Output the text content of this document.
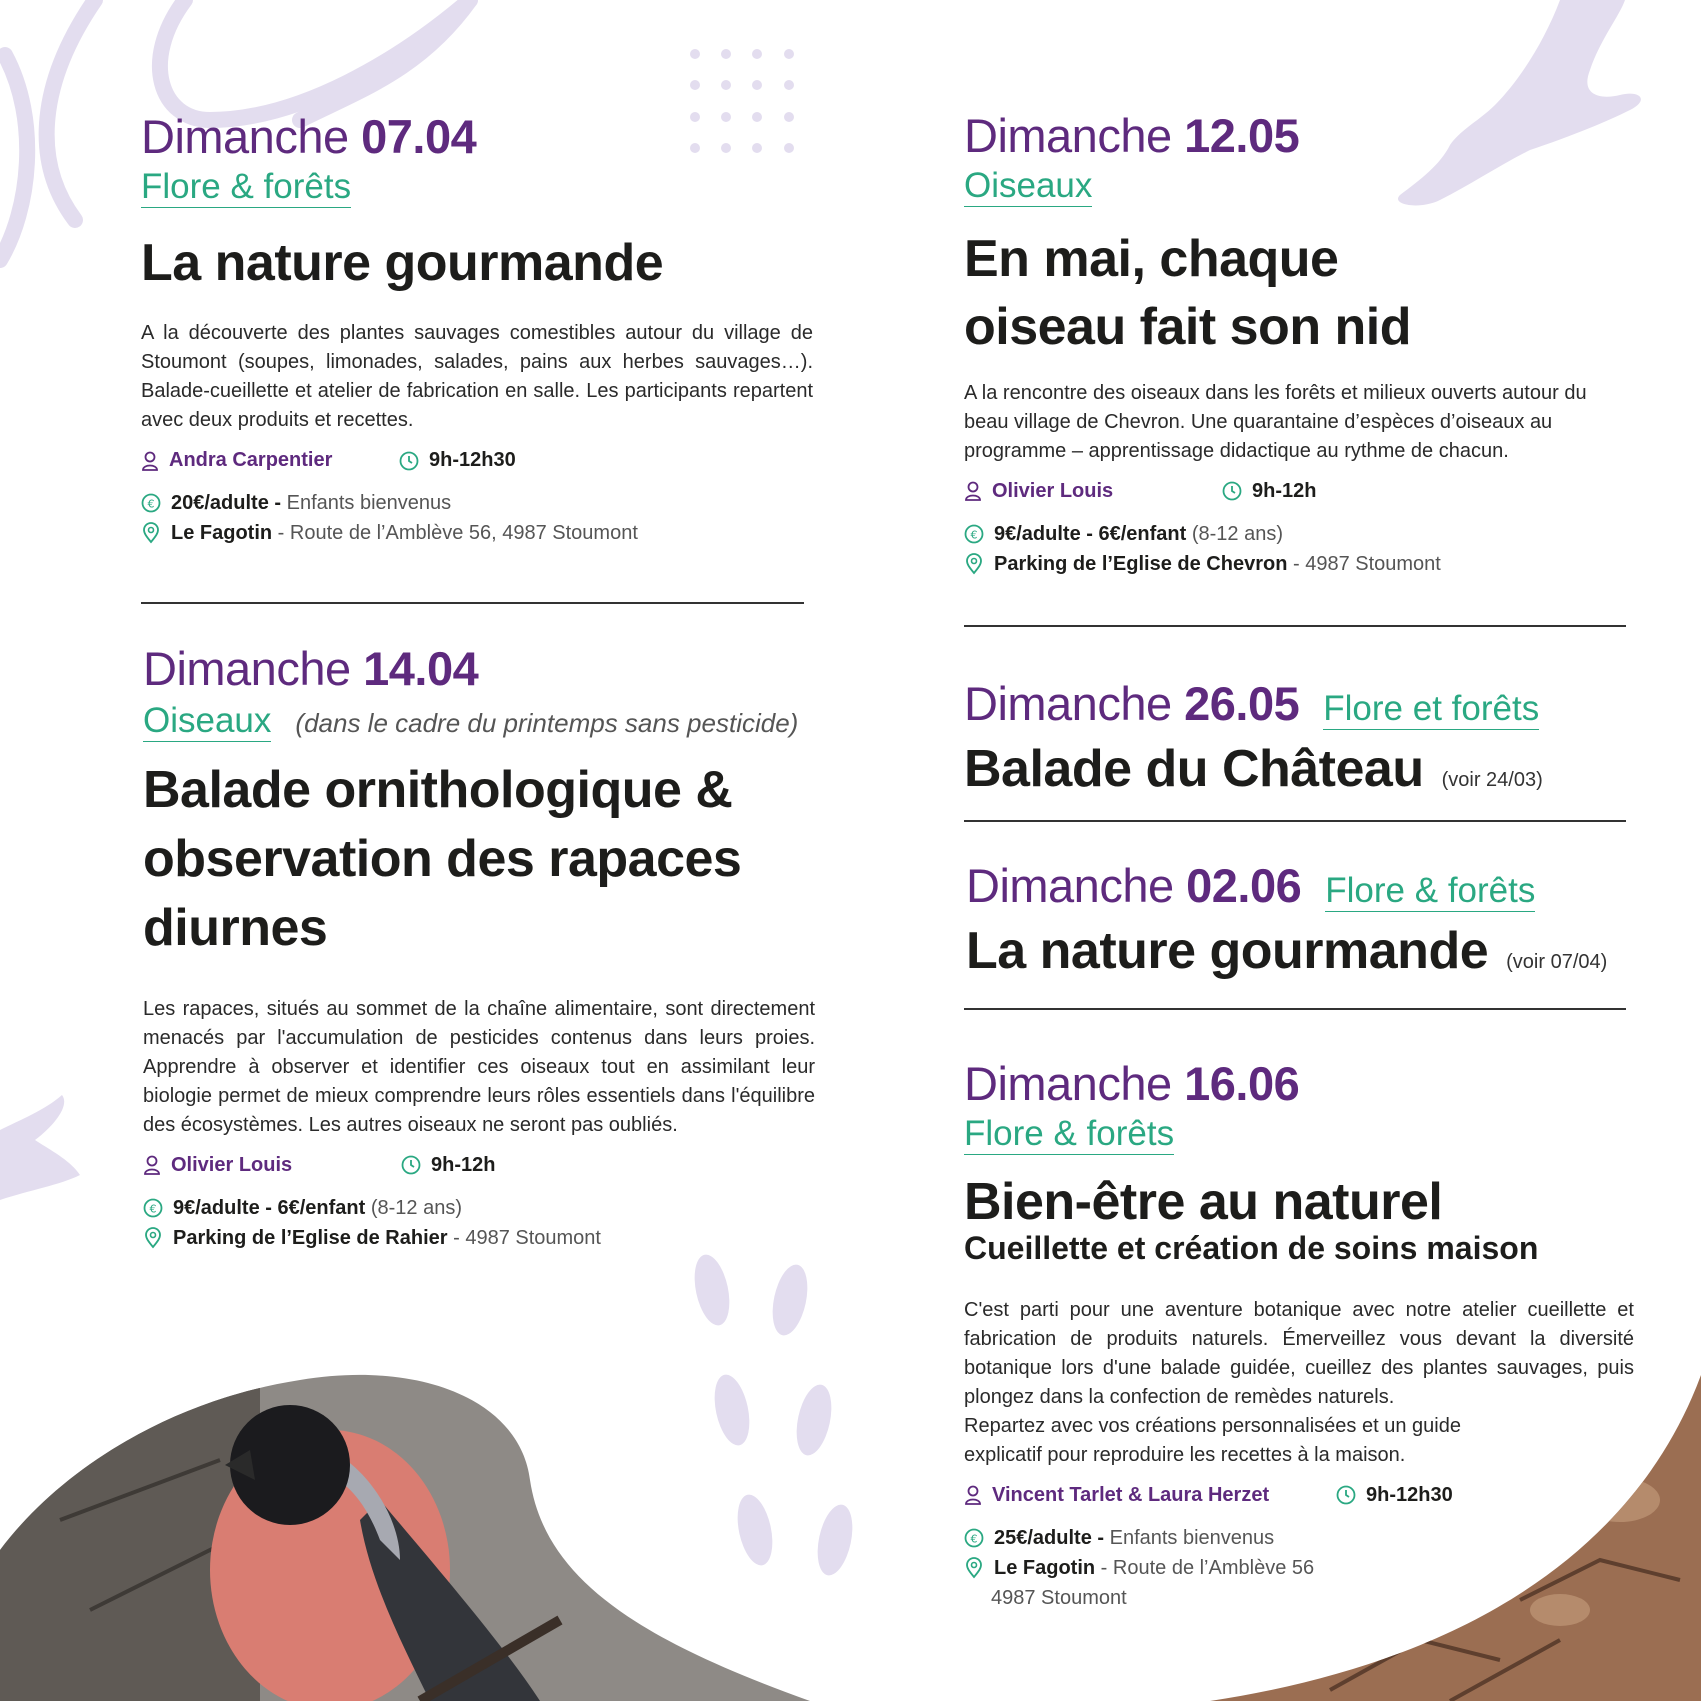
Dimanche 07.04
Flore & forêts
La nature gourmande
A la découverte des plantes sauvages comestibles autour du village de Stoumont (soupes, limonades, salades, pains aux herbes sauvages…). Balade-cueillette et atelier de fabrication en salle. Les participants repartent avec deux produits et recettes.
Andra Carpentier	9h-12h30
€ 20€/adulte -
Enfants bienvenus
Le Fagotin
- Route de l’Amblève 56, 4987 Stoumont
Dimanche 14.04
Oiseaux (dans le cadre du printemps sans pesticide)
Balade ornithologique & observation des rapaces diurnes
Les rapaces, situés au sommet de la chaîne alimentaire, sont directement menacés par l'accumulation de pesticides contenus dans leurs proies. Apprendre à observer et identifier ces oiseaux tout en assimilant leur biologie permet de mieux comprendre leurs rôles essentiels dans l'équilibre des écosystèmes. Les autres oiseaux ne seront pas oubliés.
Olivier Louis	9h-12h
€ 9€/adulte - 6€/enfant
(8-12 ans)
Parking de l’Eglise de Rahier
- 4987 Stoumont
Dimanche 12.05
Oiseaux
En mai, chaque
oiseau fait son nid
A la rencontre des oiseaux dans les forêts et milieux ouverts autour du beau village de Chevron. Une quarantaine d’espèces d’oiseaux au programme – apprentissage didactique au rythme de chacun.
Olivier Louis	9h-12h
€ 9€/adulte - 6€/enfant
(8-12 ans)
Parking de l’Eglise de Chevron
- 4987 Stoumont
Dimanche 26.05 Flore et forêts
Balade du Château (voir 24/03)
Dimanche 02.06 Flore & forêts
La nature gourmande (voir 07/04)
Dimanche 16.06
Flore & forêts
Bien-être au naturel
Cueillette et création de soins maison
C'est parti pour une aventure botanique avec notre atelier cueillette et fabrication de produits naturels. Émerveillez vous devant la diversité botanique lors d'une balade guidée, cueillez des plantes sauvages, puis plongez dans la confection de remèdes naturels.
Repartez avec vos créations personnalisées et un guide
explicatif pour reproduire les recettes à la maison.
Vincent Tarlet & Laura Herzet	9h-12h30
€ 25€/adulte -
Enfants bienvenus
Le Fagotin
- Route de l’Amblève 56
4987 Stoumont
